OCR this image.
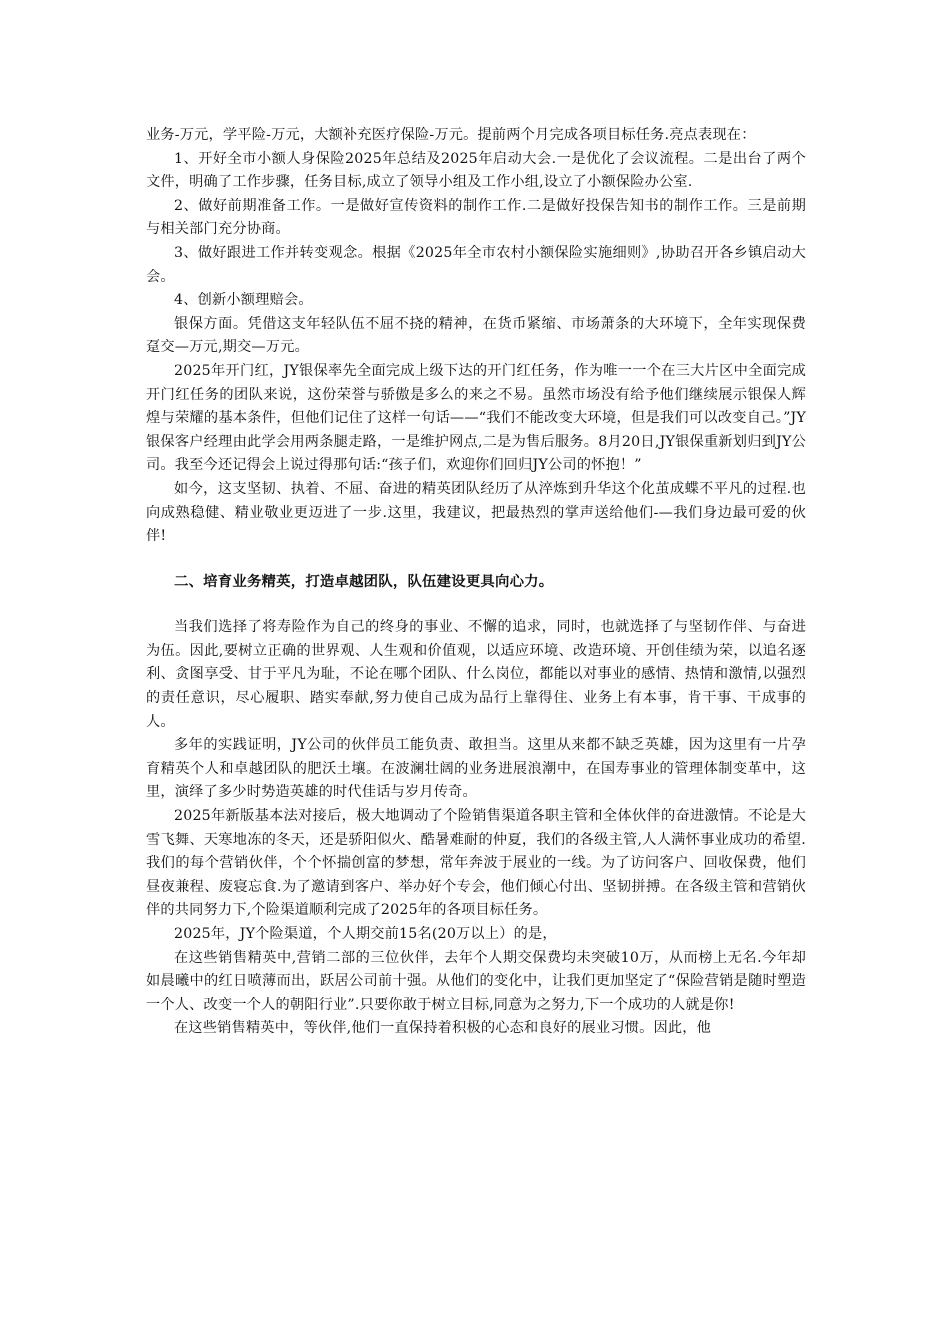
业务-万元，学平险-万元，大额补充医疗保险-万元。提前两个月完成各项目标任务.亮点表现在：

1、开好全市小额人身保险2025年总结及2025年启动大会.一是优化了会议流程。二是出台了两个文件，明确了工作步骤，任务目标,成立了领导小组及工作小组,设立了小额保险办公室.

2、做好前期准备工作。一是做好宣传资料的制作工作.二是做好投保告知书的制作工作。三是前期与相关部门充分协商。

3、做好跟进工作并转变观念。根据《2025年全市农村小额保险实施细则》,协助召开各乡镇启动大会。

4、创新小额理赔会。

银保方面。凭借这支年轻队伍不屈不挠的精神，在货币紧缩、市场萧条的大环境下，全年实现保费趸交—万元,期交—万元。

2025年开门红，JY银保率先全面完成上级下达的开门红任务，作为唯一一个在三大片区中全面完成开门红任务的团队来说，这份荣誉与骄傲是多么的来之不易。虽然市场没有给予他们继续展示银保人辉煌与荣耀的基本条件，但他们记住了这样一句话——“我们不能改变大环境，但是我们可以改变自己。”JY银保客户经理由此学会用两条腿走路，一是维护网点,二是为售后服务。8月20日,JY银保重新划归到JY公司。我至今还记得会上说过得那句话:“孩子们，欢迎你们回归JY公司的怀抱！”

如今，这支坚韧、执着、不屈、奋进的精英团队经历了从淬炼到升华这个化茧成蝶不平凡的过程.也向成熟稳健、精业敬业更迈进了一步.这里，我建议，把最热烈的掌声送给他们-—我们身边最可爱的伙伴!

二、培育业务精英，打造卓越团队，队伍建设更具向心力。

当我们选择了将寿险作为自己的终身的事业、不懈的追求，同时，也就选择了与坚韧作伴、与奋进为伍。因此,要树立正确的世界观、人生观和价值观，以适应环境、改造环境、开创佳绩为荣，以追名逐利、贪图享受、甘于平凡为耻，不论在哪个团队、什么岗位，都能以对事业的感情、热情和激情,以强烈的责任意识，尽心履职、踏实奉献,努力使自己成为品行上靠得住、业务上有本事，肯干事、干成事的人。

多年的实践证明，JY公司的伙伴员工能负责、敢担当。这里从来都不缺乏英雄，因为这里有一片孕育精英个人和卓越团队的肥沃土壤。在波澜壮阔的业务进展浪潮中，在国寿事业的管理体制变革中，这里，演绎了多少时势造英雄的时代佳话与岁月传奇。

2025年新版基本法对接后，极大地调动了个险销售渠道各职主管和全体伙伴的奋进激情。不论是大雪飞舞、天寒地冻的冬天，还是骄阳似火、酷暑难耐的仲夏，我们的各级主管,人人满怀事业成功的希望.我们的每个营销伙伴，个个怀揣创富的梦想，常年奔波于展业的一线。为了访问客户、回收保费，他们昼夜兼程、废寝忘食.为了邀请到客户、举办好个专会，他们倾心付出、坚韧拼搏。在各级主管和营销伙伴的共同努力下,个险渠道顺利完成了2025年的各项目标任务。

2025年，JY个险渠道，个人期交前15名(20万以上）的是，

在这些销售精英中,营销二部的三位伙伴，去年个人期交保费均未突破10万，从而榜上无名.今年却如晨曦中的红日喷薄而出，跃居公司前十强。从他们的变化中，让我们更加坚定了“保险营销是随时塑造一个人、改变一个人的朝阳行业”.只要你敢于树立目标,同意为之努力,下一个成功的人就是你!

在这些销售精英中，等伙伴,他们一直保持着积极的心态和良好的展业习惯。因此，他
